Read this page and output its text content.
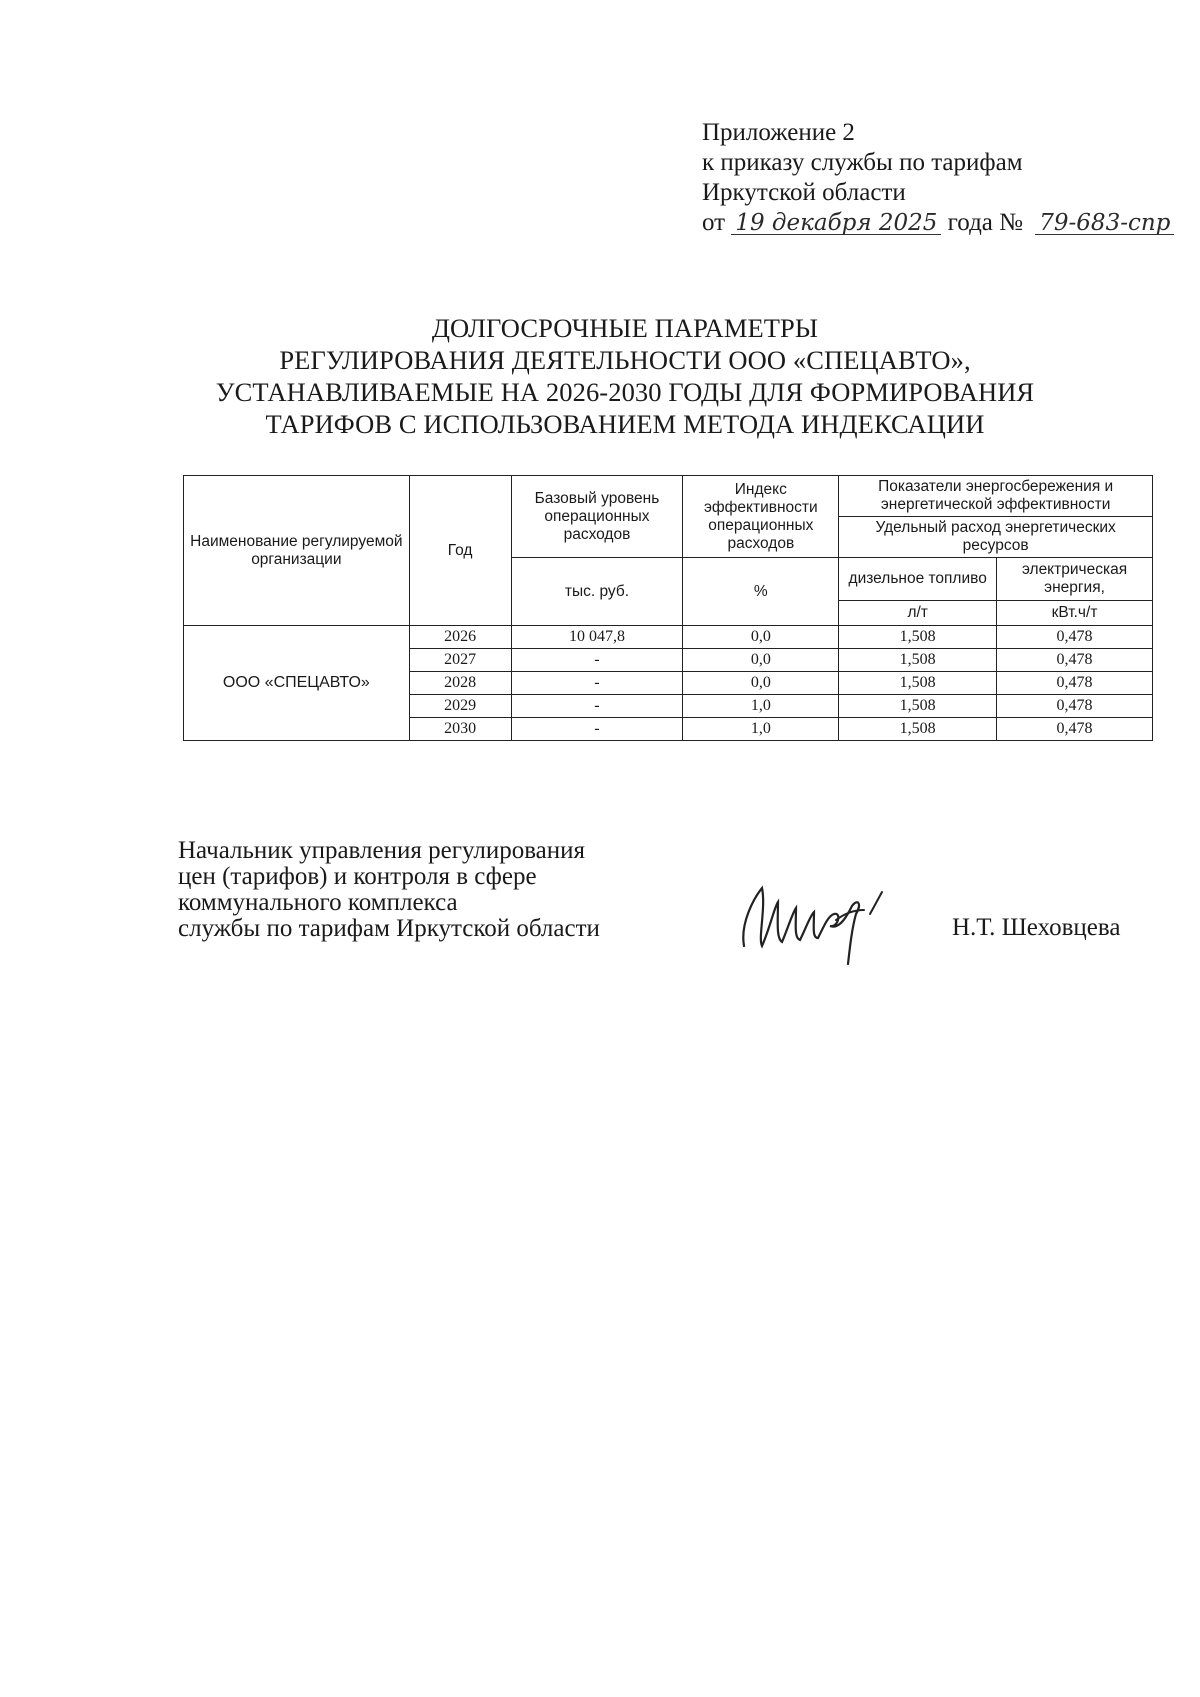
Приложение 2
к приказу службы по тарифам
Иркутской области
от 19 декабря 2025 года № 79-683-спр
ДОЛГОСРОЧНЫЕ ПАРАМЕТРЫ
РЕГУЛИРОВАНИЯ ДЕЯТЕЛЬНОСТИ ООО «СПЕЦАВТО»,
УСТАНАВЛИВАЕМЫЕ НА 2026-2030 ГОДЫ ДЛЯ ФОРМИРОВАНИЯ
ТАРИФОВ С ИСПОЛЬЗОВАНИЕМ МЕТОДА ИНДЕКСАЦИИ
Наименование регулируемой организации	Год	Базовый уровень операционных расходов	Индекс эффективности операционных расходов	Показатели энергосбережения и энергетической эффективности	
				Удельный расход энергетических ресурсов	
		тыс. руб.	%	дизельное топливо	электрическая энергия,
				л/т	кВт.ч/т
ООО «СПЕЦАВТО»	2026	10 047,8	0,0	1,508	0,478
	2027	-	0,0	1,508	0,478
	2028	-	0,0	1,508	0,478
	2029	-	1,0	1,508	0,478
	2030	-	1,0	1,508	0,478
Начальник управления регулирования
цен (тарифов) и контроля в сфере
коммунального комплекса
службы по тарифам Иркутской области	Н.Т. Шеховцева
